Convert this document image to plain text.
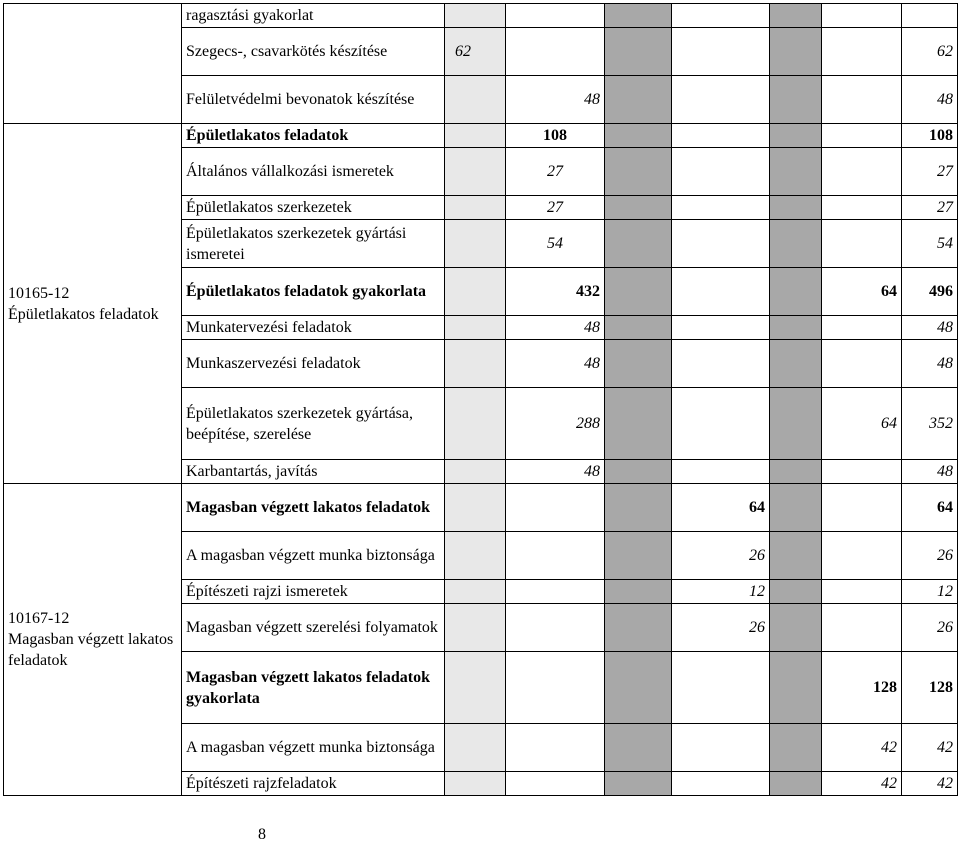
	ragasztási gyakorlat							
	Szegecs-, csavarkötés készítése	62						62
	Felületvédelmi bevonatok készítése		48					48

10165-12
Épületlakatos feladatok	Épületlakatos feladatok		108					108
	Általános vállalkozási ismeretek		27					27
	Épületlakatos szerkezetek		27					27
	Épületlakatos szerkezetek gyártási ismeretei		54					54
	Épületlakatos feladatok gyakorlata		432				64	496
	Munkatervezési feladatok		48					48
	Munkaszervezési feladatok		48					48
	Épületlakatos szerkezetek gyártása, beépítése, szerelése		288				64	352
	Karbantartás, javítás		48					48

10167-12
Magasban végzett lakatos feladatok	Magasban végzett lakatos feladatok				64			64
	A magasban végzett munka biztonsága				26			26
	Építészeti rajzi ismeretek				12			12
	Magasban végzett szerelési folyamatok				26			26
	Magasban végzett lakatos feladatok gyakorlata						128	128
	A magasban végzett munka biztonsága						42	42
	Építészeti rajzfeladatok						42	42
8
